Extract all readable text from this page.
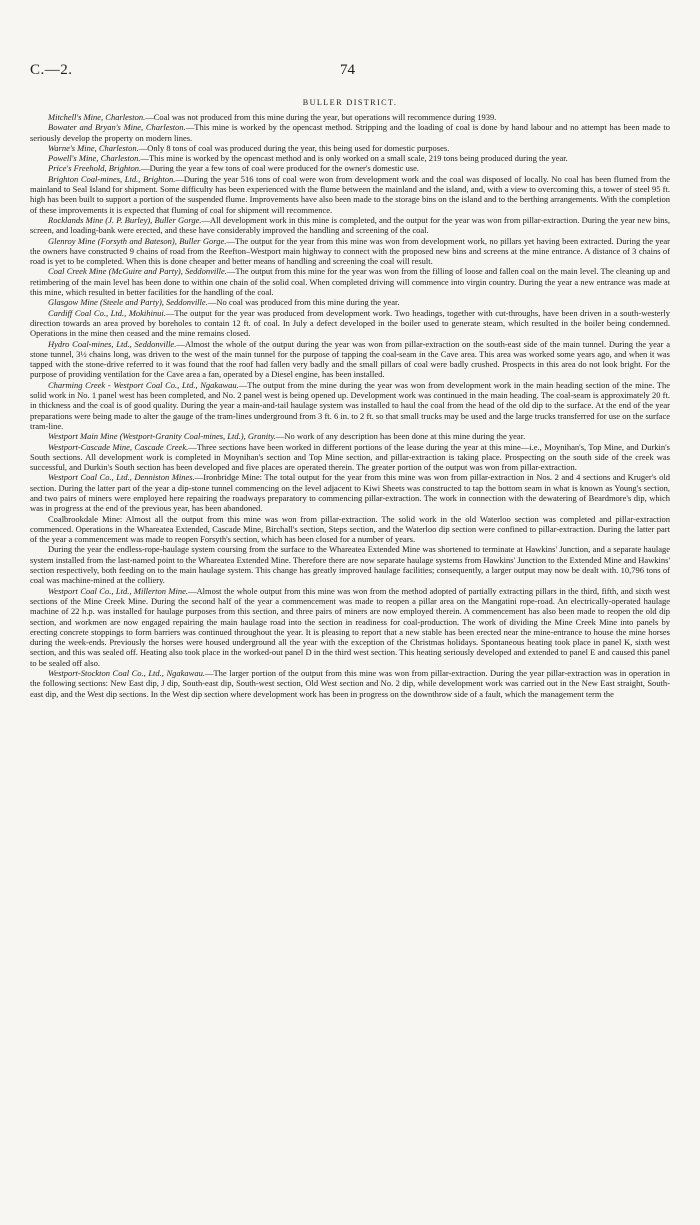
C.—2.	74
BULLER DISTRICT.

Mitchell's Mine, Charleston.—Coal was not produced from this mine during the year, but operations will recommence during 1939.

Bowater and Bryan's Mine, Charleston.—This mine is worked by the opencast method. Stripping and the loading of coal is done by hand labour and no attempt has been made to seriously develop the property on modern lines.

Warne's Mine, Charleston.—Only 8 tons of coal was produced during the year, this being used for domestic purposes.

Powell's Mine, Charleston.—This mine is worked by the opencast method and is only worked on a small scale, 219 tons being produced during the year.

Price's Freehold, Brighton.—During the year a few tons of coal were produced for the owner's domestic use.

Brighton Coal-mines, Ltd., Brighton.—During the year 516 tons of coal were won from development work and the coal was disposed of locally. No coal has been flumed from the mainland to Seal Island for shipment. Some difficulty has been experienced with the flume between the mainland and the island, and, with a view to overcoming this, a tower of steel 95 ft. high has been built to support a portion of the suspended flume. Improvements have also been made to the storage bins on the island and to the berthing arrangements. With the completion of these improvements it is expected that fluming of coal for shipment will recommence.

Rocklands Mine (J. P. Burley), Buller Gorge.—All development work in this mine is completed, and the output for the year was won from pillar-extraction. During the year new bins, screen, and loading-bank were erected, and these have considerably improved the handling and screening of the coal.

Glenroy Mine (Forsyth and Bateson), Buller Gorge.—The output for the year from this mine was won from development work, no pillars yet having been extracted. During the year the owners have constructed 9 chains of road from the Reefton–Westport main highway to connect with the proposed new bins and screens at the mine entrance. A distance of 3 chains of road is yet to be completed. When this is done cheaper and better means of handling and screening the coal will result.

Coal Creek Mine (McGuire and Party), Seddonville.—The output from this mine for the year was won from the filling of loose and fallen coal on the main level. The cleaning up and retimbering of the main level has been done to within one chain of the solid coal. When completed driving will commence into virgin country. During the year a new entrance was made at this mine, which resulted in better facilities for the handling of the coal.

Glasgow Mine (Steele and Party), Seddonville.—No coal was produced from this mine during the year.

Cardiff Coal Co., Ltd., Mokihinui.—The output for the year was produced from development work. Two headings, together with cut-throughs, have been driven in a south-westerly direction towards an area proved by boreholes to contain 12 ft. of coal. In July a defect developed in the boiler used to generate steam, which resulted in the boiler being condemned. Operations in the mine then ceased and the mine remains closed.

Hydro Coal-mines, Ltd., Seddonville.—Almost the whole of the output during the year was won from pillar-extraction on the south-east side of the main tunnel. During the year a stone tunnel, 3½ chains long, was driven to the west of the main tunnel for the purpose of tapping the coal-seam in the Cave area. This area was worked some years ago, and when it was tapped with the stone-drive referred to it was found that the roof had fallen very badly and the small pillars of coal were badly crushed. Prospects in this area do not look bright. For the purpose of providing ventilation for the Cave area a fan, operated by a Diesel engine, has been installed.

Charming Creek - Westport Coal Co., Ltd., Ngakawau.—The output from the mine during the year was won from development work in the main heading section of the mine. The solid work in No. 1 panel west has been completed, and No. 2 panel west is being opened up. Development work was continued in the main heading. The coal-seam is approximately 20 ft. in thickness and the coal is of good quality. During the year a main-and-tail haulage system was installed to haul the coal from the head of the old dip to the surface. At the end of the year preparations were being made to alter the gauge of the tram-lines underground from 3 ft. 6 in. to 2 ft. so that small trucks may be used and the large trucks transferred for use on the surface tram-line.

Westport Main Mine (Westport-Granity Coal-mines, Ltd.), Granity.—No work of any description has been done at this mine during the year.

Westport-Cascade Mine, Cascade Creek.—Three sections have been worked in different portions of the lease during the year at this mine—i.e., Moynihan's, Top Mine, and Durkin's South sections. All development work is completed in Moynihan's section and Top Mine section, and pillar-extraction is taking place. Prospecting on the south side of the creek was successful, and Durkin's South section has been developed and five places are operated therein. The greater portion of the output was won from pillar-extraction.

Westport Coal Co., Ltd., Denniston Mines.—Ironbridge Mine: The total output for the year from this mine was won from pillar-extraction in Nos. 2 and 4 sections and Kruger's old section. During the latter part of the year a dip-stone tunnel commencing on the level adjacent to Kiwi Sheets was constructed to tap the bottom seam in what is known as Young's section, and two pairs of miners were employed here repairing the roadways preparatory to commencing pillar-extraction. The work in connection with the dewatering of Beardmore's dip, which was in progress at the end of the previous year, has been abandoned.

Coalbrookdale Mine: Almost all the output from this mine was won from pillar-extraction. The solid work in the old Waterloo section was completed and pillar-extraction commenced. Operations in the Whareatea Extended, Cascade Mine, Birchall's section, Steps section, and the Waterloo dip section were confined to pillar-extraction. During the latter part of the year a commencement was made to reopen Forsyth's section, which has been closed for a number of years.

During the year the endless-rope-haulage system coursing from the surface to the Whareatea Extended Mine was shortened to terminate at Hawkins' Junction, and a separate haulage system installed from the last-named point to the Whareatea Extended Mine. Therefore there are now separate haulage systems from Hawkins' Junction to the Extended Mine and Hawkins' section respectively, both feeding on to the main haulage system. This change has greatly improved haulage facilities; consequently, a larger output may now be dealt with. 10,796 tons of coal was machine-mined at the colliery.

Westport Coal Co., Ltd., Millerton Mine.—Almost the whole output from this mine was won from the method adopted of partially extracting pillars in the third, fifth, and sixth west sections of the Mine Creek Mine. During the second half of the year a commencement was made to reopen a pillar area on the Mangatini rope-road. An electrically-operated haulage machine of 22 h.p. was installed for haulage purposes from this section, and three pairs of miners are now employed therein. A commencement has also been made to reopen the old dip section, and workmen are now engaged repairing the main haulage road into the section in readiness for coal-production. The work of dividing the Mine Creek Mine into panels by erecting concrete stoppings to form barriers was continued throughout the year. It is pleasing to report that a new stable has been erected near the mine-entrance to house the mine horses during the week-ends. Previously the horses were housed underground all the year with the exception of the Christmas holidays. Spontaneous heating took place in panel K, sixth west section, and this was sealed off. Heating also took place in the worked-out panel D in the third west section. This heating seriously developed and extended to panel E and caused this panel to be sealed off also.

Westport-Stockton Coal Co., Ltd., Ngakawau.—The larger portion of the output from this mine was won from pillar-extraction. During the year pillar-extraction was in operation in the following sections: New East dip, J dip, South-east dip, South-west section, Old West section and No. 2 dip, while development work was carried out in the New East straight, South-east dip, and the West dip sections. In the West dip section where development work has been in progress on the downthrow side of a fault, which the management term the
